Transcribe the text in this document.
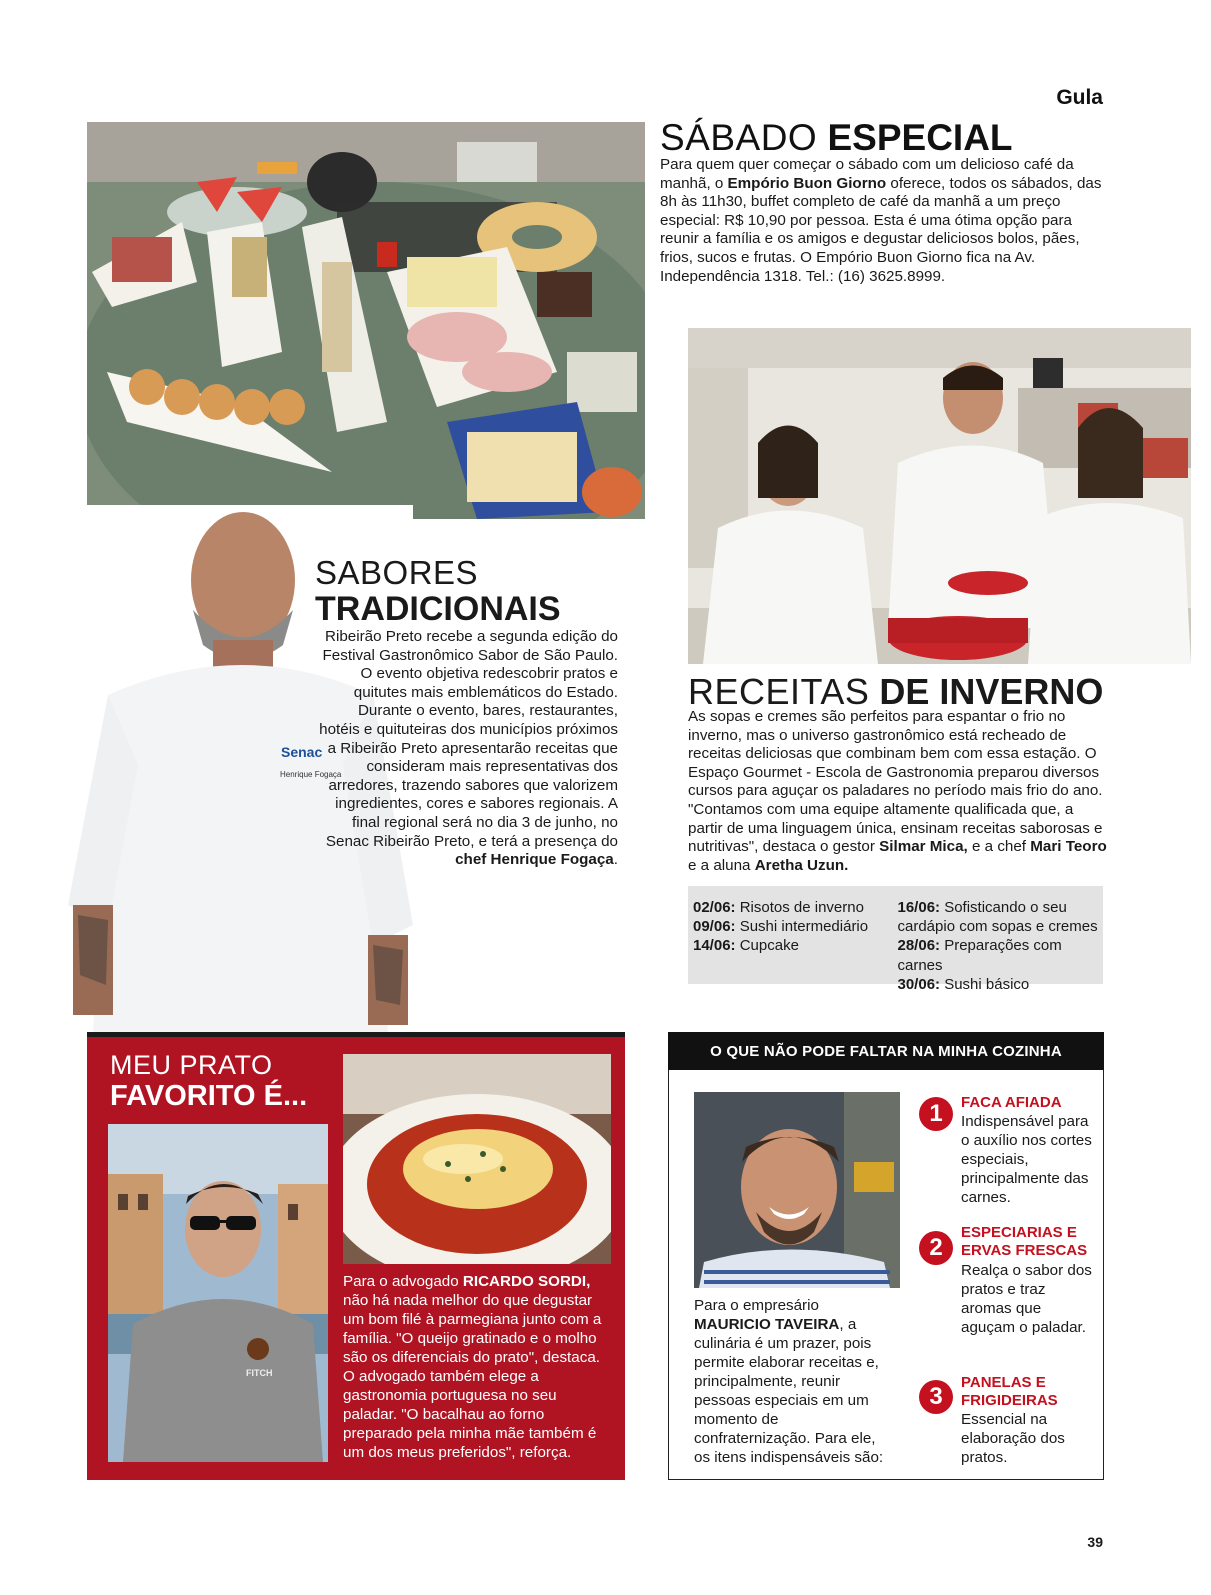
Gula
SÁBADO ESPECIAL
Para quem quer começar o sábado com um delicioso café da manhã, o Empório Buon Giorno oferece, todos os sábados, das 8h às 11h30, buffet completo de café da manhã a um preço especial: R$ 10,90 por pessoa. Esta é uma ótima opção para reunir a família e os amigos e degustar deliciosos bolos, pães, frios, sucos e frutas. O Empório Buon Giorno fica na Av. Independência 1318. Tel.: (16) 3625.8999.
Senac
Henrique Fogaça
SABORES
TRADICIONAIS
Ribeirão Preto recebe a segunda edição do Festival Gastronômico Sabor de São Paulo. O evento objetiva redescobrir pratos e quitutes mais emblemáticos do Estado. Durante o evento, bares, restaurantes, hotéis e quituteiras dos municípios próximos a Ribeirão Preto apresentarão receitas que consideram mais representativas dos arredores, trazendo sabores que valorizem ingredientes, cores e sabores regionais. A final regional será no dia 3 de junho, no Senac Ribeirão Preto, e terá a presença do chef Henrique Fogaça.
RECEITAS DE INVERNO
As sopas e cremes são perfeitos para espantar o frio no inverno, mas o universo gastronômico está recheado de receitas deliciosas que combinam bem com essa estação. O Espaço Gourmet - Escola de Gastronomia preparou diversos cursos para aguçar os paladares no período mais frio do ano. "Contamos com uma equipe altamente qualificada que, a partir de uma linguagem única, ensinam receitas saborosas e nutritivas", destaca o gestor Silmar Mica, e a chef Mari Teoro e a aluna Aretha Uzun.
02/06: Risotos de inverno
09/06: Sushi intermediário
14/06: Cupcake
16/06: Sofisticando o seu cardápio com sopas e cremes
28/06: Preparações com carnes
30/06: Sushi básico
MEU PRATO
FAVORITO É...
FITCH
Para o advogado RICARDO SORDI, não há nada melhor do que degustar um bom filé à parmegiana junto com a família. "O queijo gratinado e o molho são os diferenciais do prato", destaca. O advogado também elege a gastronomia portuguesa no seu paladar. "O bacalhau ao forno preparado pela minha mãe também é um dos meus preferidos", reforça.
O QUE NÃO PODE FALTAR NA MINHA COZINHA
Para o empresário MAURICIO TAVEIRA, a culinária é um prazer, pois permite elaborar receitas e, principalmente, reunir pessoas especiais em um momento de confraternização. Para ele, os itens indispensáveis são:
1	FACA AFIADA
Indispensável para o auxílio nos cortes especiais, principalmente das carnes.
2
ESPECIARIAS E ERVAS FRESCAS
Realça o sabor dos pratos e traz aromas que aguçam o paladar.
3
PANELAS E FRIGIDEIRAS
Essencial na elaboração dos pratos.
39
